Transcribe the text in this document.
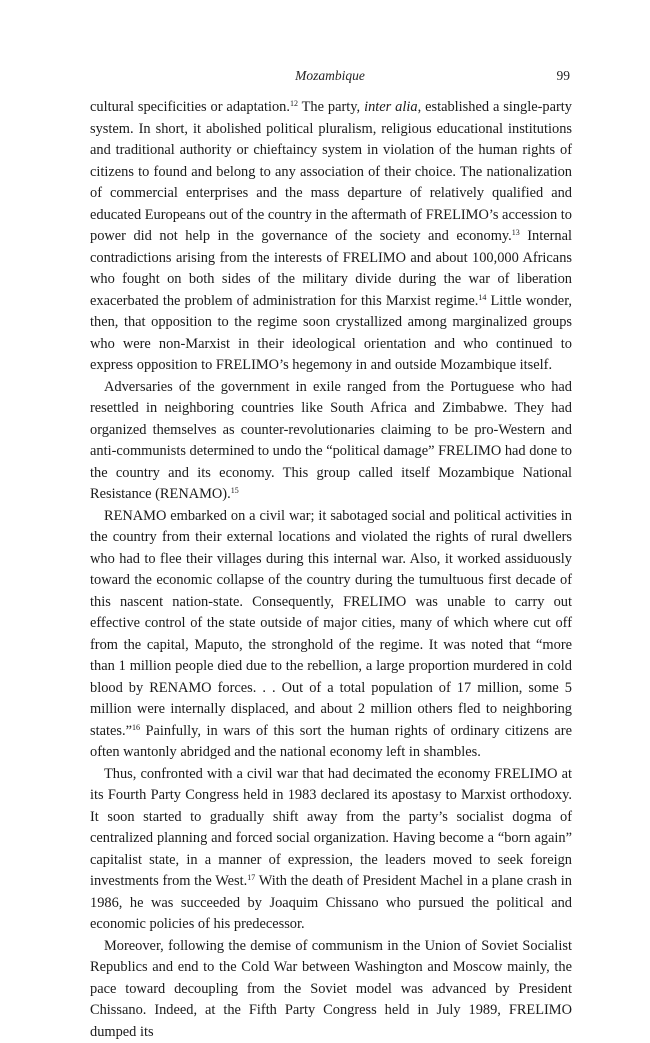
Mozambique	99

cultural specificities or adaptation.$^{12}$ The party, inter alia, established a single-party system. In short, it abolished political pluralism, religious educational institutions and traditional authority or chieftaincy system in violation of the human rights of citizens to found and belong to any association of their choice. The nationalization of commercial enterprises and the mass departure of relatively qualified and educated Europeans out of the country in the aftermath of FRELIMO’s accession to power did not help in the governance of the society and economy.$^{13}$ Internal contradictions arising from the interests of FRELIMO and about 100,000 Africans who fought on both sides of the military divide during the war of liberation exacerbated the problem of administration for this Marxist regime.$^{14}$ Little wonder, then, that opposition to the regime soon crystallized among marginalized groups who were non-Marxist in their ideological orientation and who continued to express opposition to FRELIMO’s hegemony in and outside Mozambique itself.

Adversaries of the government in exile ranged from the Portuguese who had resettled in neighboring countries like South Africa and Zimbabwe. They had organized themselves as counter-revolutionaries claiming to be pro-Western and anti-communists determined to undo the “political damage” FRELIMO had done to the country and its economy. This group called itself Mozambique National Resistance (RENAMO).$^{15}$

RENAMO embarked on a civil war; it sabotaged social and political activities in the country from their external locations and violated the rights of rural dwellers who had to flee their villages during this internal war. Also, it worked assiduously toward the economic collapse of the country during the tumultuous first decade of this nascent nation-state. Consequently, FRELIMO was unable to carry out effective control of the state outside of major cities, many of which where cut off from the capital, Maputo, the stronghold of the regime. It was noted that “more than 1 million people died due to the rebellion, a large proportion murdered in cold blood by RENAMO forces. . . Out of a total population of 17 million, some 5 million were internally displaced, and about 2 million others fled to neighboring states.”$^{16}$ Painfully, in wars of this sort the human rights of ordinary citizens are often wantonly abridged and the national economy left in shambles.

Thus, confronted with a civil war that had decimated the economy FRELIMO at its Fourth Party Congress held in 1983 declared its apostasy to Marxist orthodoxy. It soon started to gradually shift away from the party’s socialist dogma of centralized planning and forced social organization. Having become a “born again” capitalist state, in a manner of expression, the leaders moved to seek foreign investments from the West.$^{17}$ With the death of President Machel in a plane crash in 1986, he was succeeded by Joaquim Chissano who pursued the political and economic policies of his predecessor.

Moreover, following the demise of communism in the Union of Soviet Socialist Republics and end to the Cold War between Washington and Moscow mainly, the pace toward decoupling from the Soviet model was advanced by President Chissano. Indeed, at the Fifth Party Congress held in July 1989, FRELIMO dumped its
